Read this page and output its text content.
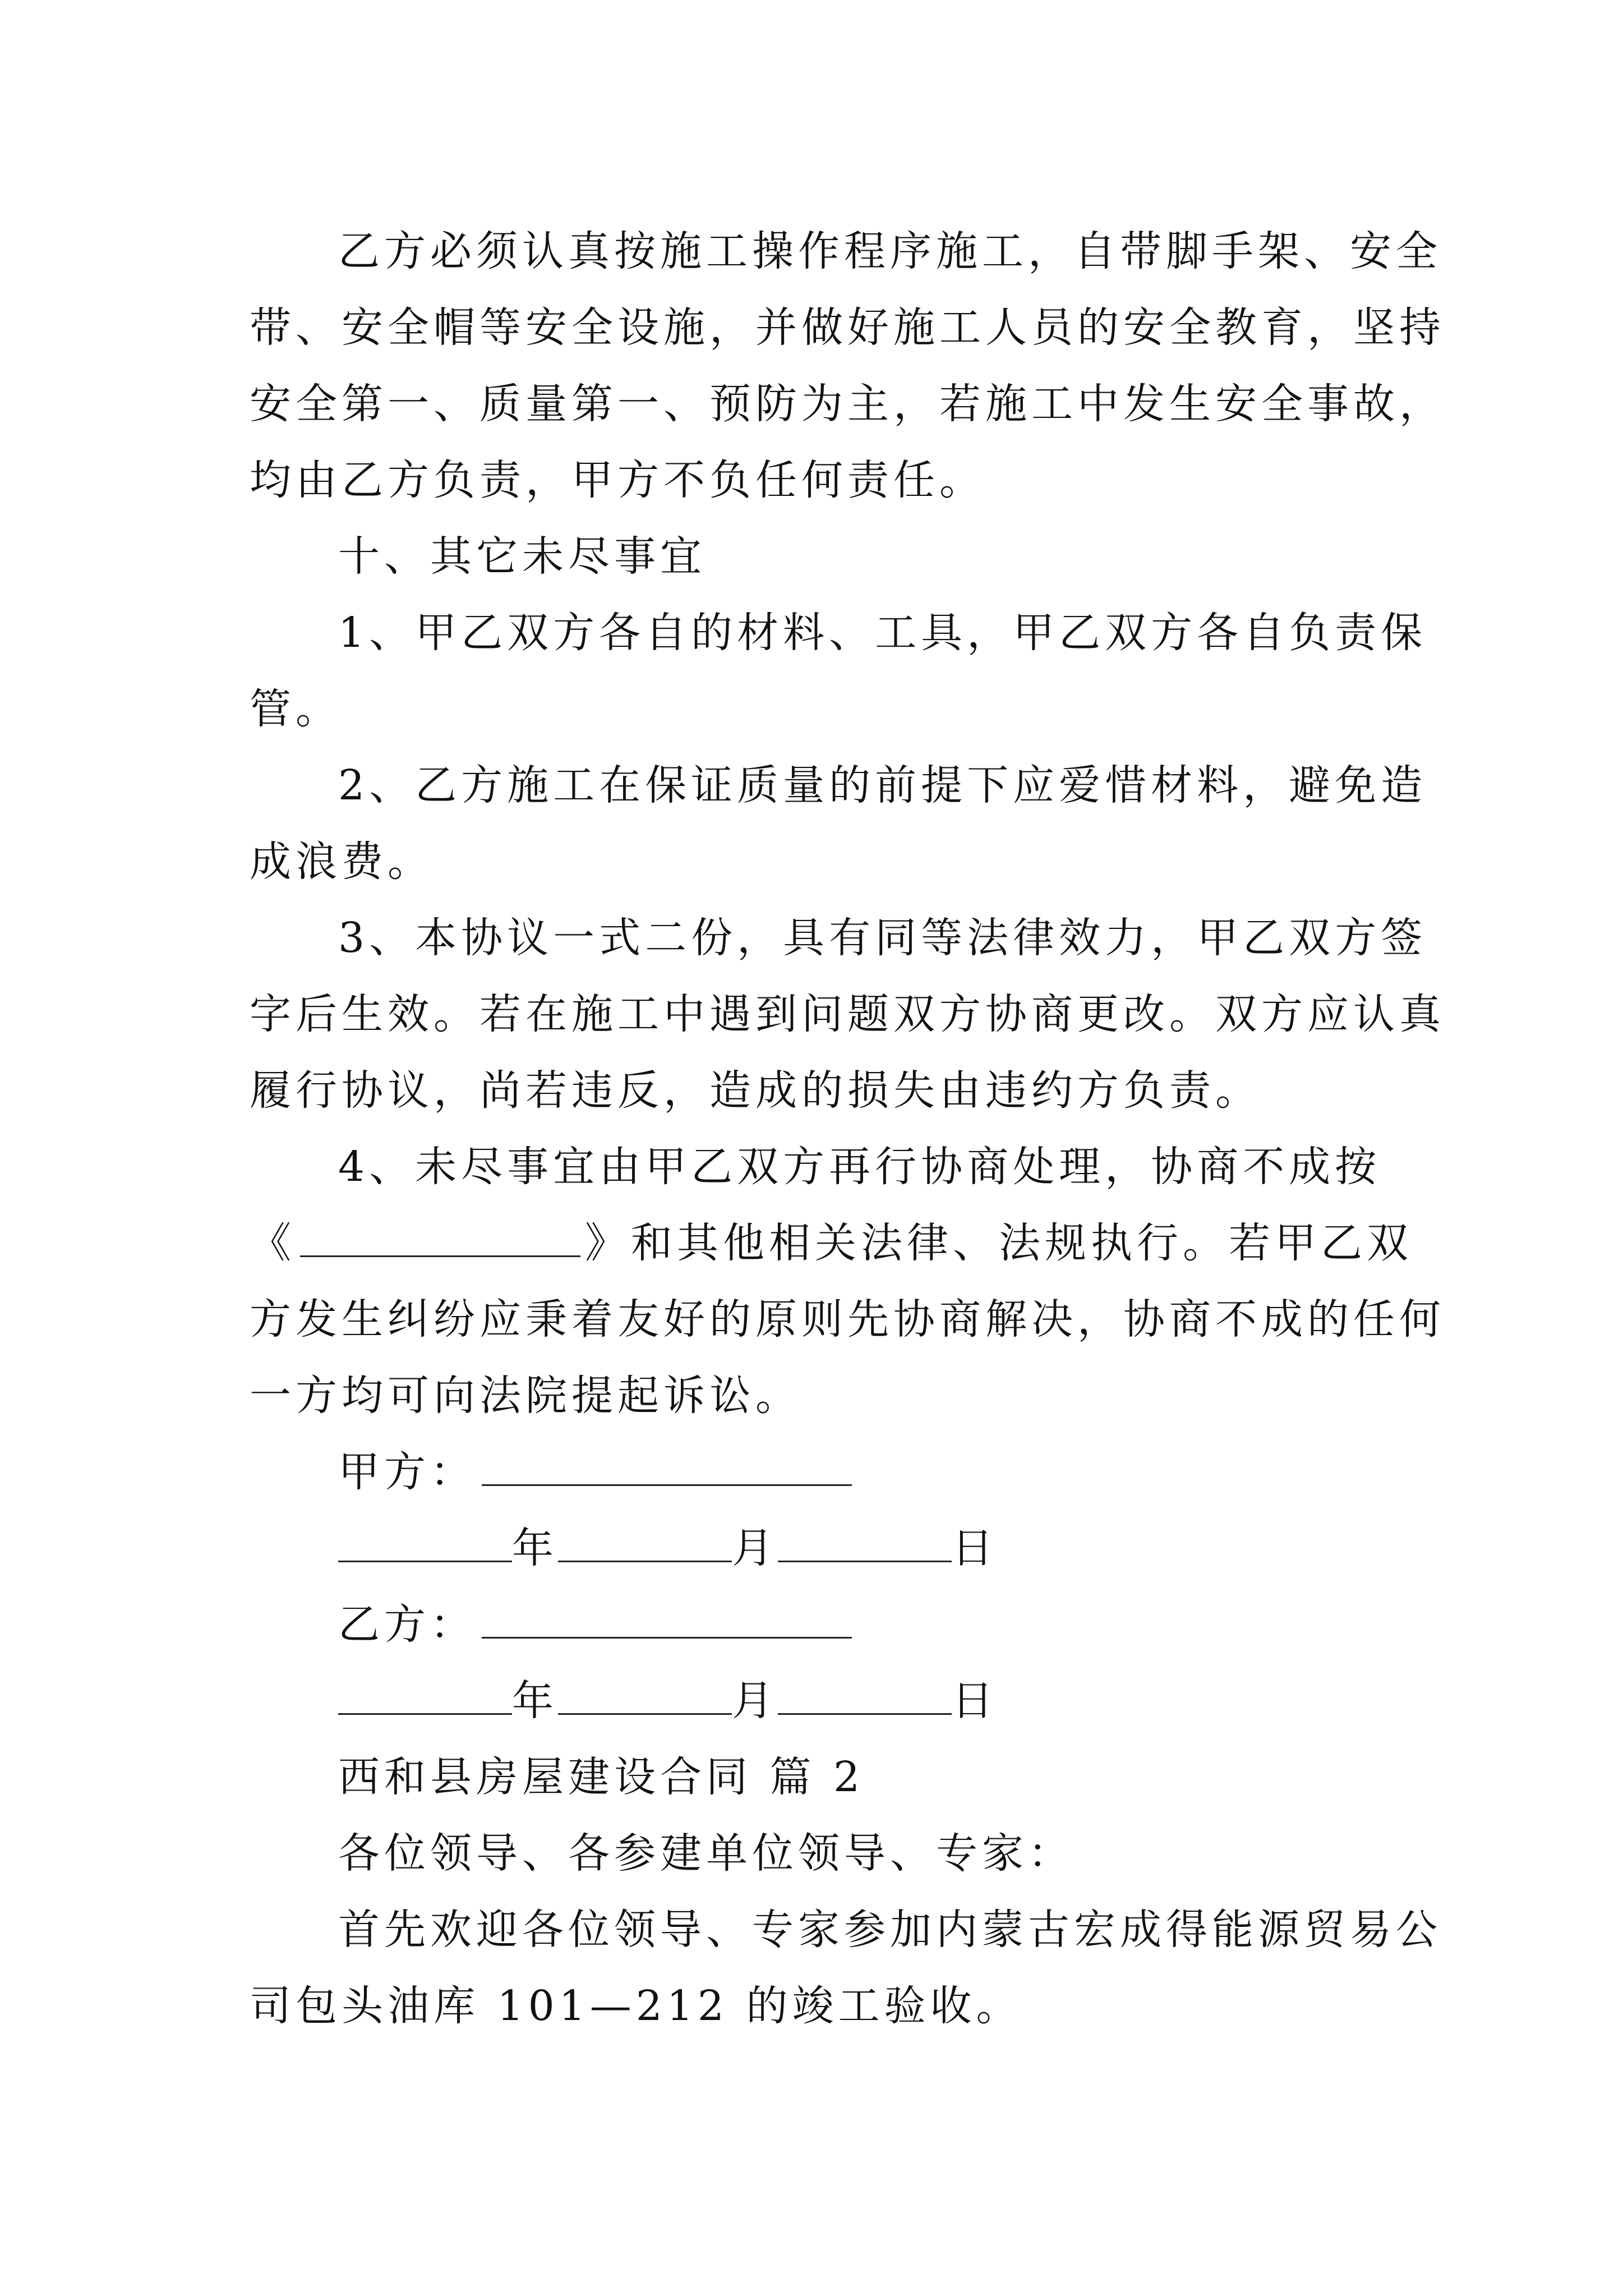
乙方必须认真按施工操作程序施工，自带脚手架、安全
带、安全帽等安全设施，并做好施工人员的安全教育，坚持
安全第一、质量第一、预防为主，若施工中发生安全事故，
均由乙方负责，甲方不负任何责任。
十、其它未尽事宜
1、甲乙双方各自的材料、工具，甲乙双方各自负责保
管。
2、乙方施工在保证质量的前提下应爱惜材料，避免造
成浪费。
3、本协议一式二份，具有同等法律效力，甲乙双方签
字后生效。若在施工中遇到问题双方协商更改。双方应认真
履行协议，尚若违反，造成的损失由违约方负责。
4、未尽事宜由甲乙双方再行协商处理，协商不成按
《	》和其他相关法律、法规执行。若甲乙双
方发生纠纷应秉着友好的原则先协商解决，协商不成的任何
一方均可向法院提起诉讼。
甲方：
年	月	日
乙方：
年	月	日
西和县房屋建设合同 篇 2
各位领导、各参建单位领导、专家：
首先欢迎各位领导、专家参加内蒙古宏成得能源贸易公
司包头油库 101—212 的竣工验收。
